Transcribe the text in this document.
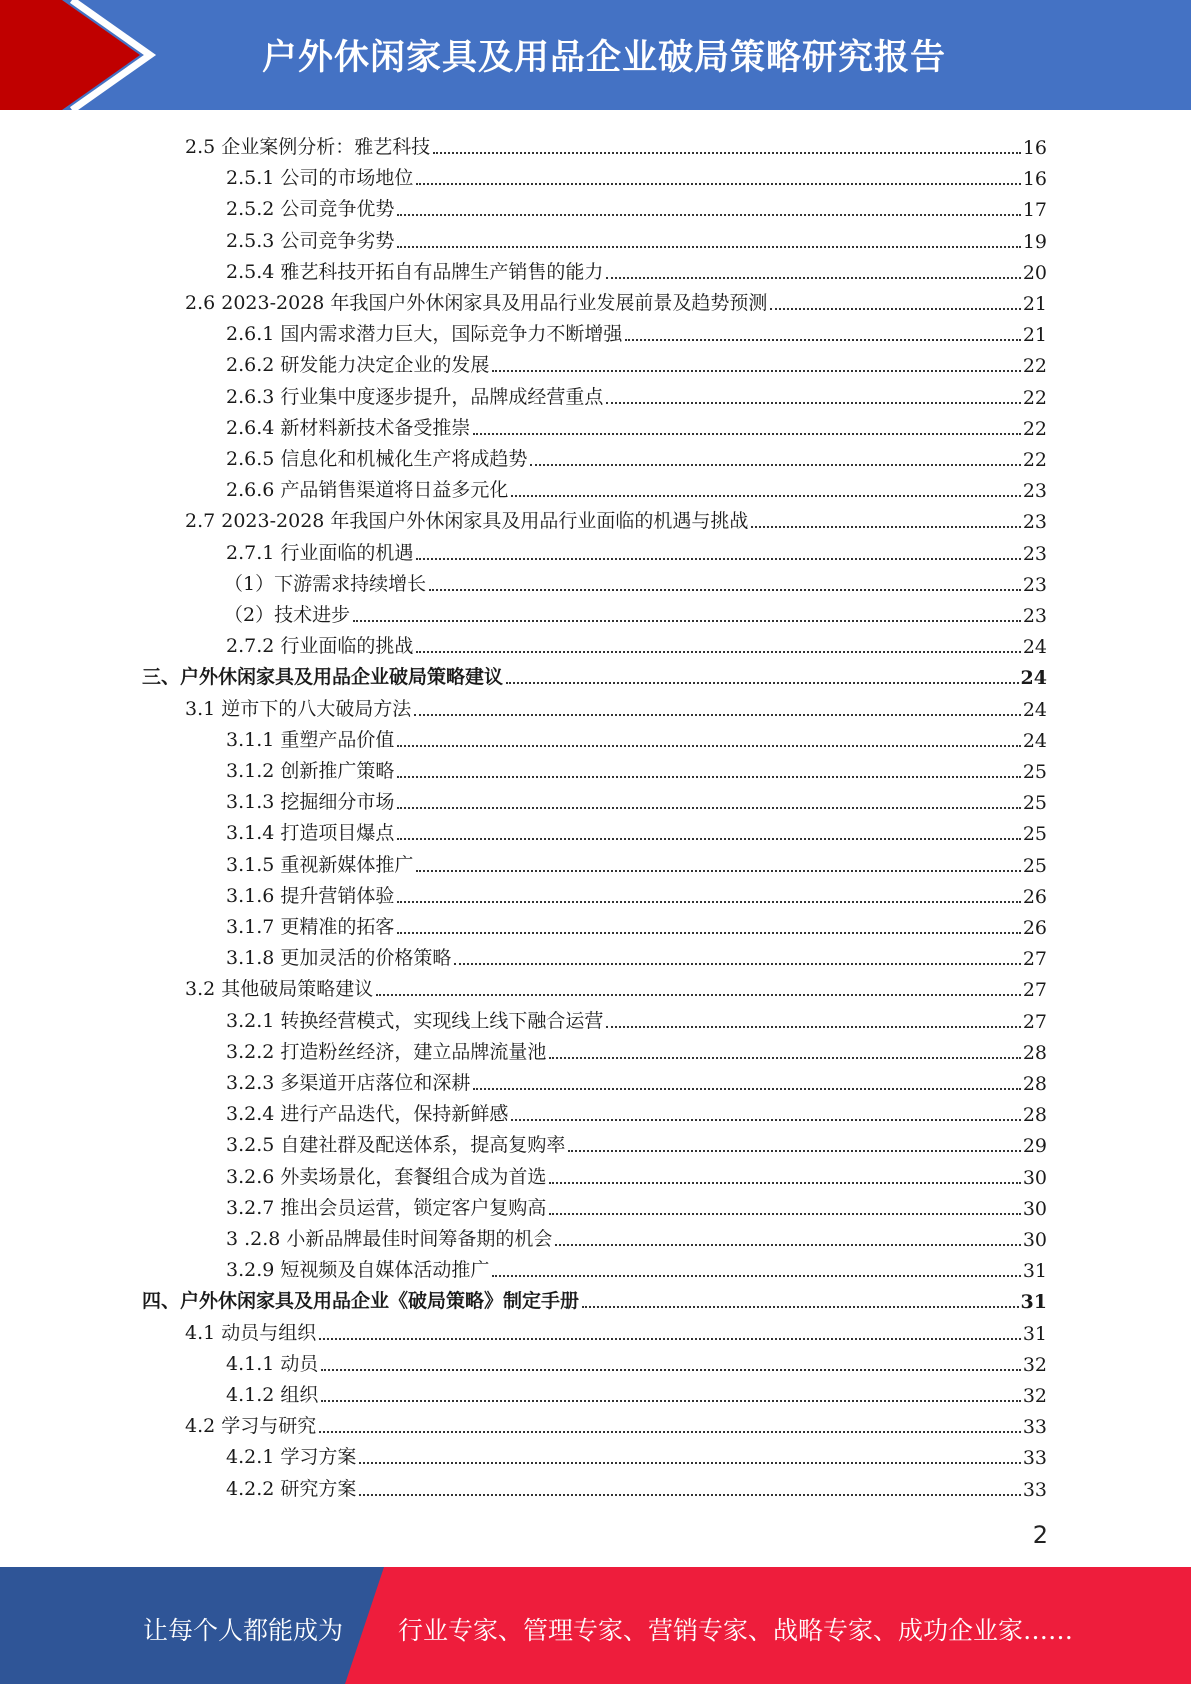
户外休闲家具及用品企业破局策略研究报告
2.5 企业案例分析：雅艺科技	16
2.5.1 公司的市场地位	16
2.5.2 公司竞争优势	17
2.5.3 公司竞争劣势	19
2.5.4 雅艺科技开拓自有品牌生产销售的能力	20
2.6 2023-2028 年我国户外休闲家具及用品行业发展前景及趋势预测	21
2.6.1 国内需求潜力巨大，国际竞争力不断增强	21
2.6.2 研发能力决定企业的发展	22
2.6.3 行业集中度逐步提升，品牌成经营重点	22
2.6.4 新材料新技术备受推崇	22
2.6.5 信息化和机械化生产将成趋势	22
2.6.6 产品销售渠道将日益多元化	23
2.7 2023-2028 年我国户外休闲家具及用品行业面临的机遇与挑战	23
2.7.1 行业面临的机遇	23
（1）下游需求持续增长	23
（2）技术进步	23
2.7.2 行业面临的挑战	24
三、户外休闲家具及用品企业破局策略建议	24
3.1 逆市下的八大破局方法	24
3.1.1 重塑产品价值	24
3.1.2 创新推广策略	25
3.1.3 挖掘细分市场	25
3.1.4 打造项目爆点	25
3.1.5 重视新媒体推广	25
3.1.6 提升营销体验	26
3.1.7 更精准的拓客	26
3.1.8 更加灵活的价格策略	27
3.2 其他破局策略建议	27
3.2.1 转换经营模式，实现线上线下融合运营	27
3.2.2 打造粉丝经济，建立品牌流量池	28
3.2.3 多渠道开店落位和深耕	28
3.2.4 进行产品迭代，保持新鲜感	28
3.2.5 自建社群及配送体系，提高复购率	29
3.2.6 外卖场景化，套餐组合成为首选	30
3.2.7 推出会员运营，锁定客户复购高	30
3 .2.8 小新品牌最佳时间筹备期的机会	30
3.2.9 短视频及自媒体活动推广	31
四、户外休闲家具及用品企业《破局策略》制定手册	31
4.1 动员与组织	31
4.1.1 动员	32
4.1.2 组织	32
4.2 学习与研究	33
4.2.1 学习方案	33
4.2.2 研究方案	33
2
让每个人都能成为 行业专家、管理专家、营销专家、战略专家、成功企业家……
